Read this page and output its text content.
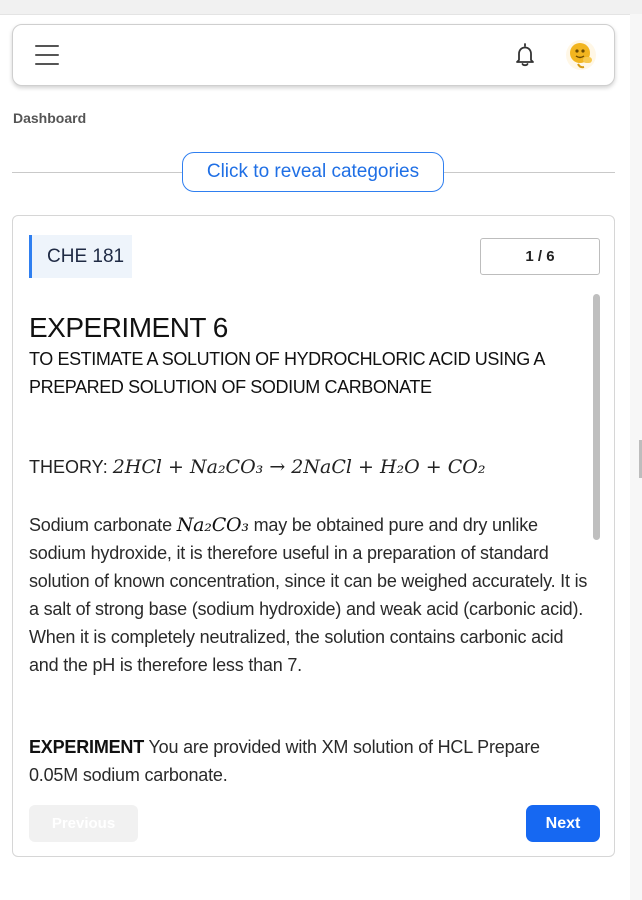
Dashboard
Click to reveal categories
CHE 181	1 / 6
EXPERIMENT 6
TO ESTIMATE A SOLUTION OF HYDROCHLORIC ACID USING A PREPARED SOLUTION OF SODIUM CARBONATE
THEORY: 2HCl + Na₂CO₃ → 2NaCl + H₂O + CO₂
Sodium carbonate Na₂CO₃ may be obtained pure and dry unlike sodium hydroxide, it is therefore useful in a preparation of standard solution of known concentration, since it can be weighed accurately. It is a salt of strong base (sodium hydroxide) and weak acid (carbonic acid). When it is completely neutralized, the solution contains carbonic acid and the pH is therefore less than 7.
EXPERIMENT You are provided with XM solution of HCL Prepare 0.05M sodium carbonate.
Previous	Next
